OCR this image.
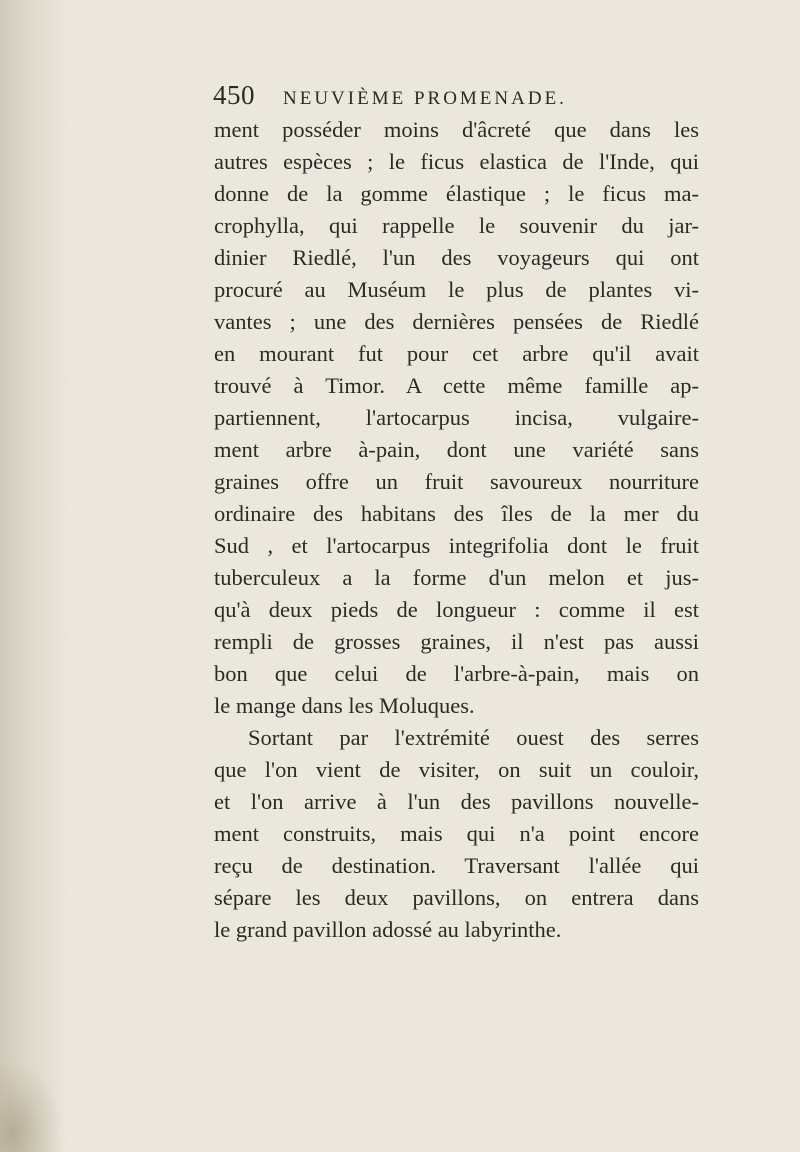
450 NEUVIÈME PROMENADE.
ment posséder moins d'âcreté que dans les
autres espèces ; le ficus elastica de l'Inde, qui
donne de la gomme élastique ; le ficus ma-
crophylla, qui rappelle le souvenir du jar-
dinier Riedlé, l'un des voyageurs qui ont
procuré au Muséum le plus de plantes vi-
vantes ; une des dernières pensées de Riedlé
en mourant fut pour cet arbre qu'il avait
trouvé à Timor. A cette même famille ap-
partiennent, l'artocarpus incisa, vulgaire-
ment arbre à-pain, dont une variété sans
graines offre un fruit savoureux nourriture
ordinaire des habitans des îles de la mer du
Sud , et l'artocarpus integrifolia dont le fruit
tuberculeux a la forme d'un melon et jus-
qu'à deux pieds de longueur : comme il est
rempli de grosses graines, il n'est pas aussi
bon que celui de l'arbre-à-pain, mais on
le mange dans les Moluques.
Sortant par l'extrémité ouest des serres
que l'on vient de visiter, on suit un couloir,
et l'on arrive à l'un des pavillons nouvelle-
ment construits, mais qui n'a point encore
reçu de destination. Traversant l'allée qui
sépare les deux pavillons, on entrera dans
le grand pavillon adossé au labyrinthe.
